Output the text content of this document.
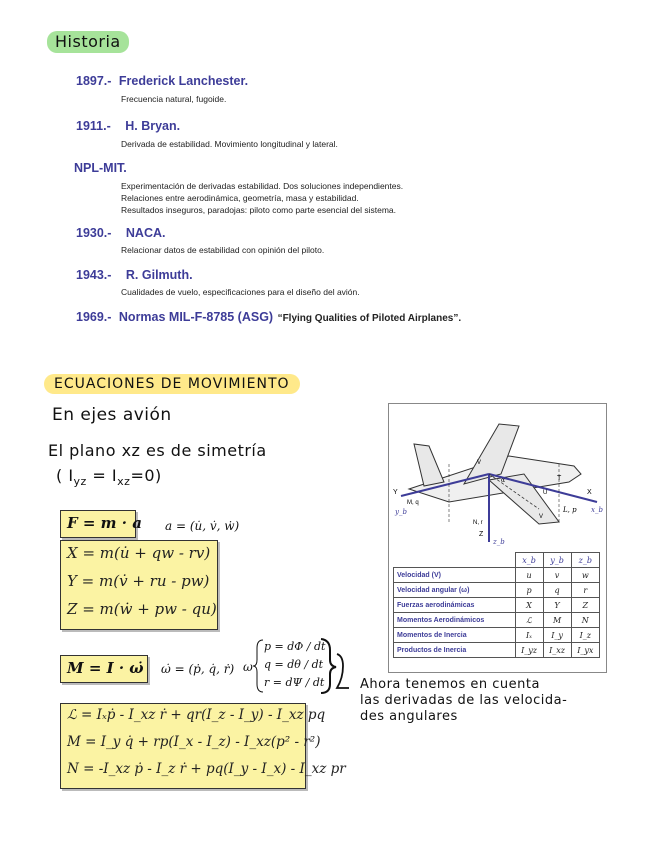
Historia
1897.- Frederick Lanchester.
Frecuencia natural, fugoide.
1911.- H. Bryan.
Derivada de estabilidad. Movimiento longitudinal y lateral.
NPL-MIT.
Experimentación de derivadas estabilidad. Dos soluciones independientes.
Relaciones entre aerodinámica, geometría, masa y estabilidad.
Resultados inseguros, paradojas: piloto como parte esencial del sistema.
1930.- NACA.
Relacionar datos de estabilidad con opinión del piloto.
1943.- R. Gilmuth.
Cualidades de vuelo, especificaciones para el diseño del avión.
1969.- Normas MIL-F-8785 (ASG) “Flying Qualities of Piloted Airplanes”.
ECUACIONES DE MOVIMIENTO
En ejes avión
El plano xz es de simetría
( $I_{yz} = I_{xz}=0$)
F = m · a a = (u̇, v̇, ẇ)
X = m(u̇ + qw - rv)
Y = m(v̇ + ru - pw)
Z = m(ẇ + pw - qu)
M = I · ω̇ ω̇ = (ṗ, q̇, ṙ) ω
p = dΦ / dt
q = dθ / dt
r = dΨ / dt	Ahora tenemos en cuenta
las derivadas de las velocida-
des angulares
ℒ = Iₓṗ - I_xz ṙ + qr(I_z - I_y) - I_xz pq
M = I_y q̇ + rp(I_x - I_z) - I_xz(p² - r²)
N = -I_xz ṗ - I_z ṙ + pq(I_y - I_x) - I_xz pr
Y
M, q
y_b
N, r
Z
z_b
X
x_b
T
L, p
V
U
V
α
	x_b	y_b	z_b
Velocidad (V)	u	v	w
Velocidad angular (ω)	p	q	r
Fuerzas aerodinámicas	X	Y	Z
Momentos Aerodinámicos	ℒ	M	N
Momentos de Inercia	Iₓ	I_y	I_z
Productos de Inercia	I_yz	I_xz	I_yx
